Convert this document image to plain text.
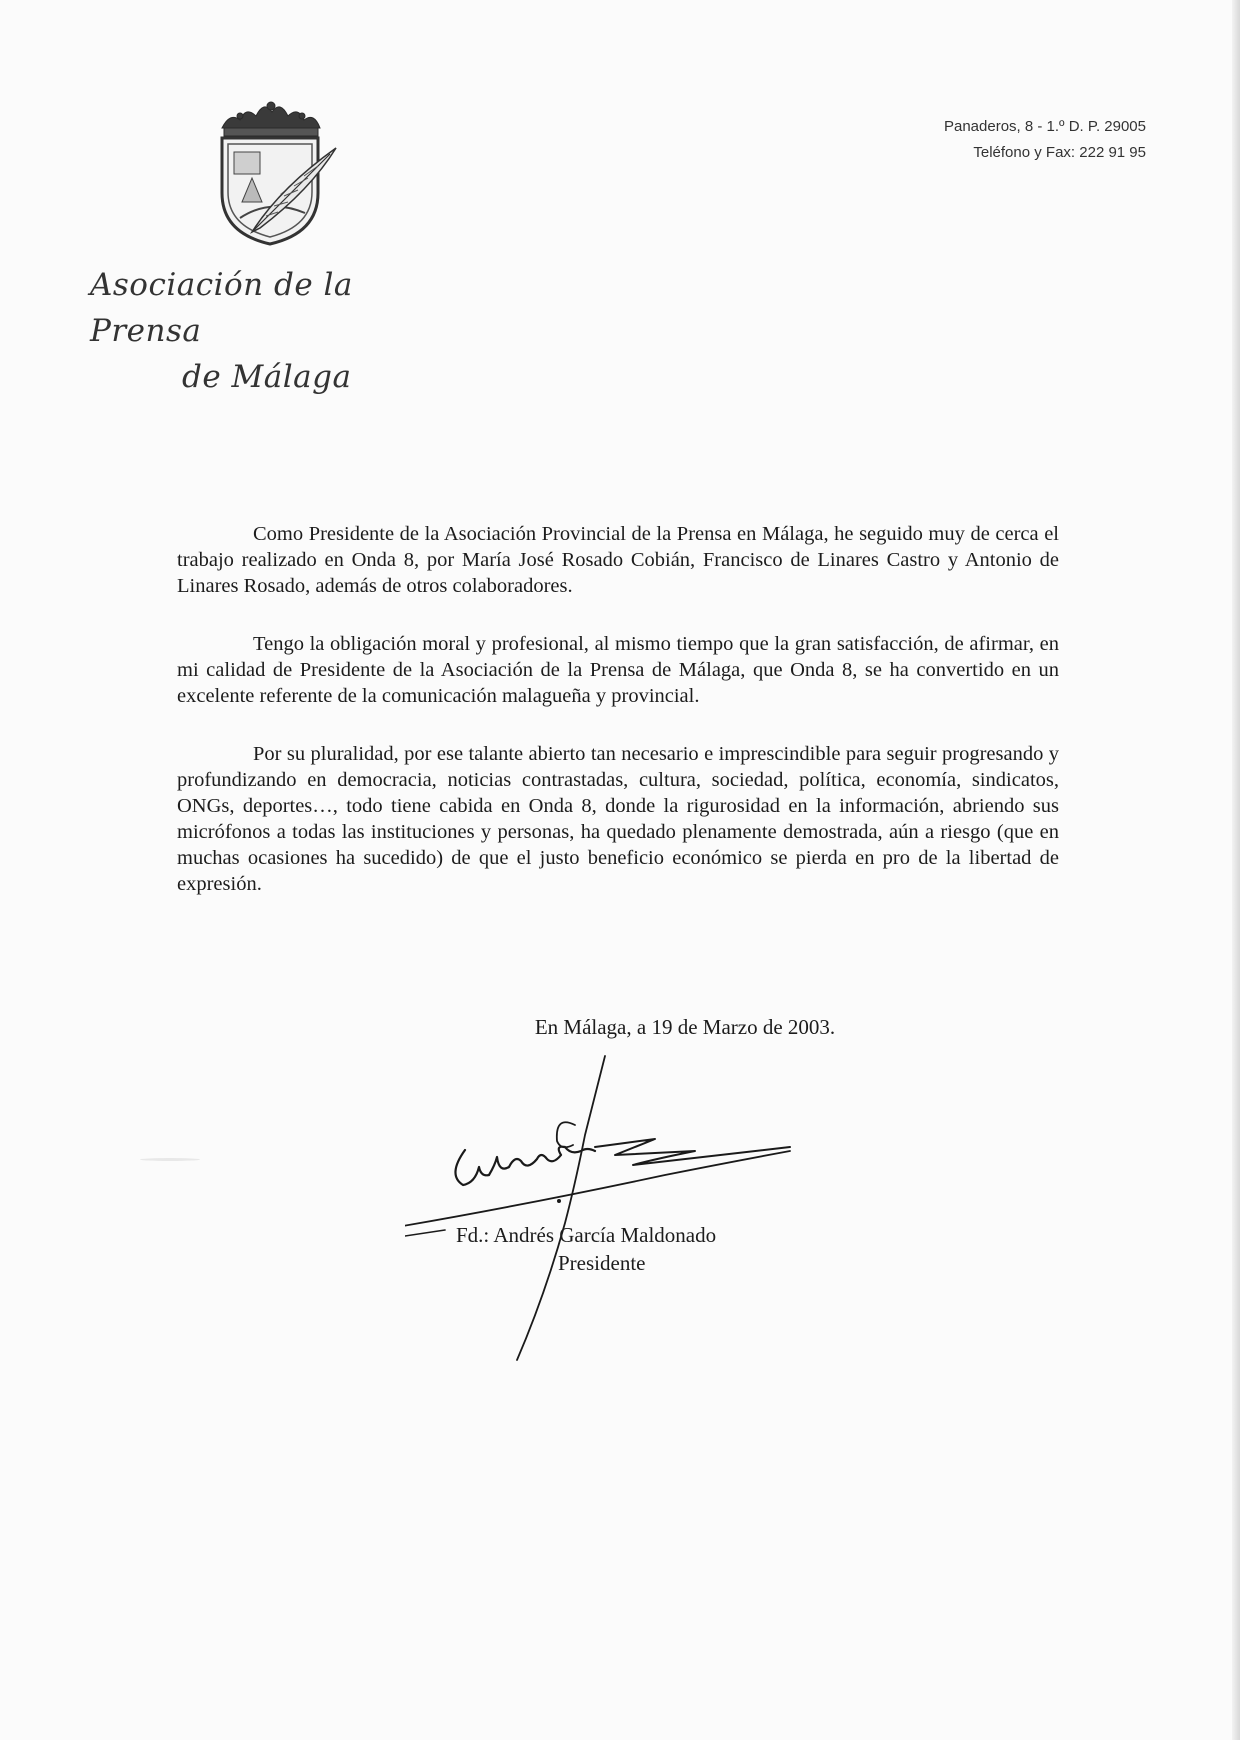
Asociación de la Prensa
de Málaga
Panaderos, 8 - 1.º D. P. 29005
Teléfono y Fax: 222 91 95

Como Presidente de la Asociación Provincial de la Prensa en Málaga, he seguido muy de cerca el trabajo realizado en Onda 8, por María José Rosado Cobián, Francisco de Linares Castro y Antonio de Linares Rosado, además de otros colaboradores.

Tengo la obligación moral y profesional, al mismo tiempo que la gran satisfacción, de afirmar, en mi calidad de Presidente de la Asociación de la Prensa de Málaga, que Onda 8, se ha convertido en un excelente referente de la comunicación malagueña y provincial.

Por su pluralidad, por ese talante abierto tan necesario e imprescindible para seguir progresando y profundizando en democracia, noticias contrastadas, cultura, sociedad, política, economía, sindicatos, ONGs, deportes…, todo tiene cabida en Onda 8, donde la rigurosidad en la información, abriendo sus micrófonos a todas las instituciones y personas, ha quedado plenamente demostrada, aún a riesgo (que en muchas ocasiones ha sucedido) de que el justo beneficio económico se pierda en pro de la libertad de expresión.

En Málaga, a 19 de Marzo de 2003.
Fd.: Andrés García Maldonado
Presidente
